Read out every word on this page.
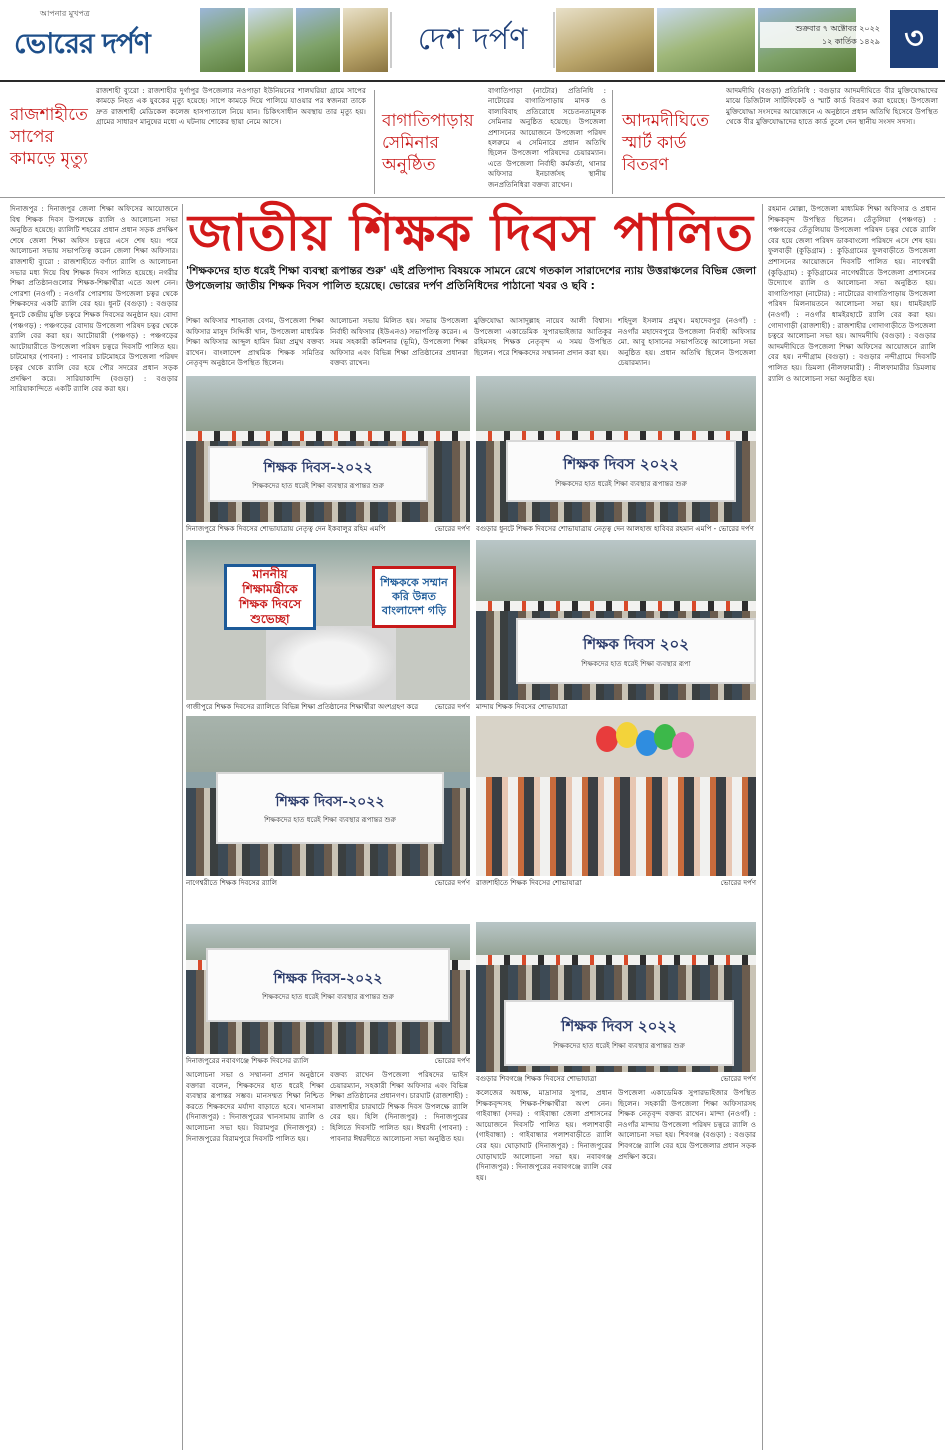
আপনার মুখপত্র
ভোরের দর্পণ	দেশ দর্পণ	শুক্রবার ৭ অক্টোবর ২০২২
১২ কার্তিক ১৪২৯ ৩
রাজশাহীতে সাপের কামড়ে মৃত্যু
রাজশাহী ব্যুরো : রাজশাহীর দুর্গাপুর উপজেলার নওপাড়া ইউনিয়নের শালঘরিয়া গ্রামে সাপের কামড়ে নিহত এক যুবকের মৃত্যু হয়েছে। সাপে কামড়ে দিয়ে পালিয়ে যাওয়ার পর স্বজনরা তাকে দ্রুত রাজশাহী মেডিকেল কলেজ হাসপাতালে নিয়ে যান। চিকিৎসাধীন অবস্থায় তার মৃত্যু হয়। গ্রামের সাধারণ মানুষের মধ্যে এ ঘটনায় শোকের ছায়া নেমে আসে।	বাগাতিপাড়ায় সেমিনার অনুষ্ঠিত
বাগাতিপাড়া (নাটোর) প্রতিনিধি : নাটোরের বাগাতিপাড়ায় মাদক ও বাল্যবিবাহ প্রতিরোধে সচেতনতামূলক সেমিনার অনুষ্ঠিত হয়েছে। উপজেলা প্রশাসনের আয়োজনে উপজেলা পরিষদ হলরুমে এ সেমিনারে প্রধান অতিথি ছিলেন উপজেলা পরিষদের চেয়ারম্যান। এতে উপজেলা নির্বাহী কর্মকর্তা, থানার অফিসার ইনচার্জসহ স্থানীয় জনপ্রতিনিধিরা বক্তব্য রাখেন।
আদমদীঘিতে স্মার্ট কার্ড বিতরণ
আদমদীঘি (বগুড়া) প্রতিনিধি : বগুড়ার আদমদীঘিতে বীর মুক্তিযোদ্ধাদের মাঝে ডিজিটাল সার্টিফিকেট ও স্মার্ট কার্ড বিতরণ করা হয়েছে। উপজেলা মুক্তিযোদ্ধা সংসদের আয়োজনে এ অনুষ্ঠানে প্রধান অতিথি হিসেবে উপস্থিত থেকে বীর মুক্তিযোদ্ধাদের হাতে কার্ড তুলে দেন স্থানীয় সংসদ সদস্য।
জাতীয় শিক্ষক দিবস পালিত

'শিক্ষকদের হাত ধরেই শিক্ষা ব্যবস্থা রূপান্তর শুরু' এই প্রতিপাদ্য বিষয়কে সামনে রেখে গতকাল সারাদেশের ন্যায় উত্তরাঞ্চলের বিভিন্ন জেলা উপজেলায় জাতীয় শিক্ষক দিবস পালিত হয়েছে। ভোরের দর্পণ প্রতিনিধিদের পাঠানো খবর ও ছবি :

দিনাজপুর : দিনাজপুর জেলা শিক্ষা অফিসের আয়োজনে বিশ্ব শিক্ষক দিবস উপলক্ষে র‍্যালি ও আলোচনা সভা অনুষ্ঠিত হয়েছে। র‍্যালিটি শহরের প্রধান প্রধান সড়ক প্রদক্ষিণ শেষে জেলা শিক্ষা অফিস চত্বরে এসে শেষ হয়। পরে আলোচনা সভায় সভাপতিত্ব করেন জেলা শিক্ষা অফিসার। রাজশাহী ব্যুরো : রাজশাহীতে বর্ণাঢ্য র‍্যালি ও আলোচনা সভার মধ্য দিয়ে বিশ্ব শিক্ষক দিবস পালিত হয়েছে। নগরীর শিক্ষা প্রতিষ্ঠানগুলোর শিক্ষক-শিক্ষার্থীরা এতে অংশ নেন। পোরশা (নওগাঁ) : নওগাঁর পোরশায় উপজেলা চত্বর থেকে শিক্ষকদের একটি র‍্যালি বের হয়। ধুনট (বগুড়া) : বগুড়ার ধুনটে কেন্দ্রীয় মুক্তি চত্বরে শিক্ষক দিবসের অনুষ্ঠান হয়। বোদা (পঞ্চগড়) : পঞ্চগড়ের বোদায় উপজেলা পরিষদ চত্বর থেকে র‍্যালি বের করা হয়। আটোয়ারী (পঞ্চগড়) : পঞ্চগড়ের আটোয়ারীতে উপজেলা পরিষদ চত্বরে দিবসটি পালিত হয়। চাটমোহর (পাবনা) : পাবনার চাটমোহরে উপজেলা পরিষদ চত্বর থেকে র‍্যালি বের হয়ে পৌর সদরের প্রধান সড়ক প্রদক্ষিণ করে। সারিয়াকান্দি (বগুড়া) : বগুড়ার সারিয়াকান্দিতে একটি র‍্যালি বের করা হয়।
রহমান মোল্লা, উপজেলা মাধ্যমিক শিক্ষা অফিসার ও প্রধান শিক্ষকবৃন্দ উপস্থিত ছিলেন। তেঁতুলিয়া (পঞ্চগড়) : পঞ্চগড়ের তেঁতুলিয়ায় উপজেলা পরিষদ চত্বর থেকে র‍্যালি বের হয়ে জেলা পরিষদ ডাকবাংলো পরিষদে এসে শেষ হয়। ফুলবাড়ী (কুড়িগ্রাম) : কুড়িগ্রামের ফুলবাড়ীতে উপজেলা প্রশাসনের আয়োজনে দিবসটি পালিত হয়। নাগেশ্বরী (কুড়িগ্রাম) : কুড়িগ্রামের নাগেশ্বরীতে উপজেলা প্রশাসনের উদ্যোগে র‍্যালি ও আলোচনা সভা অনুষ্ঠিত হয়। বাগাতিপাড়া (নাটোর) : নাটোরের বাগাতিপাড়ায় উপজেলা পরিষদ মিলনায়তনে আলোচনা সভা হয়। ধামইরহাট (নওগাঁ) : নওগাঁর ধামইরহাটে র‍্যালি বের করা হয়। গোদাগাড়ী (রাজশাহী) : রাজশাহীর গোদাগাড়ীতে উপজেলা চত্বরে আলোচনা সভা হয়। আদমদীঘি (বগুড়া) : বগুড়ার আদমদীঘিতে উপজেলা শিক্ষা অফিসের আয়োজনে র‍্যালি বের হয়। নন্দীগ্রাম (বগুড়া) : বগুড়ার নন্দীগ্রামে দিবসটি পালিত হয়। ডিমলা (নীলফামারী) : নীলফামারীর ডিমলায় র‍্যালি ও আলোচনা সভা অনুষ্ঠিত হয়।
শিক্ষা অফিসার শাহনাজ বেগম, উপজেলা শিক্ষা অফিসার মাসুদ সিদ্দিকী খান, উপজেলা মাধ্যমিক শিক্ষা অফিসার আব্দুল হামিদ মিয়া প্রমুখ বক্তব্য রাখেন। বাংলাদেশ প্রাথমিক শিক্ষক সমিতির নেতৃবৃন্দ অনুষ্ঠানে উপস্থিত ছিলেন।
আলোচনা সভায় মিলিত হয়। সভায় উপজেলা নির্বাহী অফিসার (ইউএনও) সভাপতিত্ব করেন। এ সময় সহকারী কমিশনার (ভূমি), উপজেলা শিক্ষা অফিসার এবং বিভিন্ন শিক্ষা প্রতিষ্ঠানের প্রধানরা বক্তব্য রাখেন।
মুক্তিযোদ্ধা আসাদুল্লাহ নায়েব আলী বিশ্বাস। উপজেলা একাডেমিক সুপারভাইজার আতিকুর রহিমসহ শিক্ষক নেতৃবৃন্দ এ সময় উপস্থিত ছিলেন। পরে শিক্ষকদের সম্মাননা প্রদান করা হয়।
শহিদুল ইসলাম প্রমুখ। মহাদেবপুর (নওগাঁ) : নওগাঁর মহাদেবপুরে উপজেলা নির্বাহী অফিসার মো. আবু হাসানের সভাপতিত্বে আলোচনা সভা অনুষ্ঠিত হয়। প্রধান অতিথি ছিলেন উপজেলা চেয়ারম্যান।
শিক্ষক দিবস-২০২২
শিক্ষকদের হাত ধরেই শিক্ষা ব্যবস্থার রূপান্তর শুরু
দিনাজপুরে শিক্ষক দিবসের শোভাযাত্রায় নেতৃত্ব দেন ইকবালুর রহিম এমপি	ভোরের দর্পণ
শিক্ষক দিবস ২০২২
শিক্ষকদের হাত ধরেই শিক্ষা ব্যবস্থার রূপান্তর শুরু
বগুড়ার ধুনটে শিক্ষক দিবসের শোভাযাত্রায় নেতৃত্ব দেন আলহাজ হাবিবর রহমান এমপি - ভোরের দর্পণ
মাননীয় শিক্ষামন্ত্রীকে শিক্ষক দিবসে শুভেচ্ছা
শিক্ষককে সম্মান করি উন্নত বাংলাদেশ গড়ি
গাজীপুরে শিক্ষক দিবসের র‍্যালিতে বিভিন্ন শিক্ষা প্রতিষ্ঠানের শিক্ষার্থীরা অংশগ্রহণ করে ভোরের দর্পণ
শিক্ষক দিবস ২০২
শিক্ষকদের হাত ধরেই শিক্ষা ব্যবস্থার রূপা
মান্দায় শিক্ষক দিবসের শোভাযাত্রা
শিক্ষক দিবস-২০২২
শিক্ষকদের হাত ধরেই শিক্ষা ব্যবস্থার রূপান্তর শুরু
নাগেশ্বরীতে শিক্ষক দিবসের র‍্যালি	ভোরের দর্পণ রাজশাহীতে শিক্ষক দিবসের শোভাযাত্রা	ভোরের দর্পণ
শিক্ষক দিবস-২০২২
শিক্ষকদের হাত ধরেই শিক্ষা ব্যবস্থার রূপান্তর শুরু
দিনাজপুরের নবাবগঞ্জে শিক্ষক দিবসের র‍্যালি	ভোরের দর্পণ
শিক্ষক দিবস ২০২২
শিক্ষকদের হাত ধরেই শিক্ষা ব্যবস্থার রূপান্তর শুরু
বগুড়ার শিবগঞ্জে শিক্ষক দিবসের শোভাযাত্রা	ভোরের দর্পণ
আলোচনা সভা ও সম্মাননা প্রদান অনুষ্ঠানে বক্তারা বলেন, শিক্ষকদের হাত ধরেই শিক্ষা ব্যবস্থার রূপান্তর সম্ভব। মানসম্মত শিক্ষা নিশ্চিত করতে শিক্ষকদের মর্যাদা বাড়াতে হবে। খানসামা (দিনাজপুর) : দিনাজপুরের খানসামায় র‍্যালি ও আলোচনা সভা হয়। বিরামপুর (দিনাজপুর) : দিনাজপুরের বিরামপুরে দিবসটি পালিত হয়।
বক্তব্য রাখেন উপজেলা পরিষদের ভাইস চেয়ারম্যান, সহকারী শিক্ষা অফিসার এবং বিভিন্ন শিক্ষা প্রতিষ্ঠানের প্রধানগণ। চারঘাট (রাজশাহী) : রাজশাহীর চারঘাটে শিক্ষক দিবস উপলক্ষে র‍্যালি বের হয়। হিলি (দিনাজপুর) : দিনাজপুরের হিলিতে দিবসটি পালিত হয়। ঈশ্বরদী (পাবনা) : পাবনার ঈশ্বরদীতে আলোচনা সভা অনুষ্ঠিত হয়।
কলেজের অধ্যক্ষ, মাদ্রাসার সুপার, প্রধান শিক্ষকবৃন্দসহ শিক্ষক-শিক্ষার্থীরা অংশ নেন। গাইবান্ধা (সদর) : গাইবান্ধা জেলা প্রশাসনের আয়োজনে দিবসটি পালিত হয়। পলাশবাড়ী (গাইবান্ধা) : গাইবান্ধার পলাশবাড়ীতে র‍্যালি বের হয়। ঘোড়াঘাট (দিনাজপুর) : দিনাজপুরের ঘোড়াঘাটে আলোচনা সভা হয়। নবাবগঞ্জ (দিনাজপুর) : দিনাজপুরের নবাবগঞ্জে র‍্যালি বের হয়।
উপজেলা একাডেমিক সুপারভাইজার উপস্থিত ছিলেন। সহকারী উপজেলা শিক্ষা অফিসারসহ শিক্ষক নেতৃবৃন্দ বক্তব্য রাখেন। মান্দা (নওগাঁ) : নওগাঁর মান্দায় উপজেলা পরিষদ চত্বরে র‍্যালি ও আলোচনা সভা হয়। শিবগঞ্জ (বগুড়া) : বগুড়ার শিবগঞ্জে র‍্যালি বের হয়ে উপজেলার প্রধান সড়ক প্রদক্ষিণ করে।
